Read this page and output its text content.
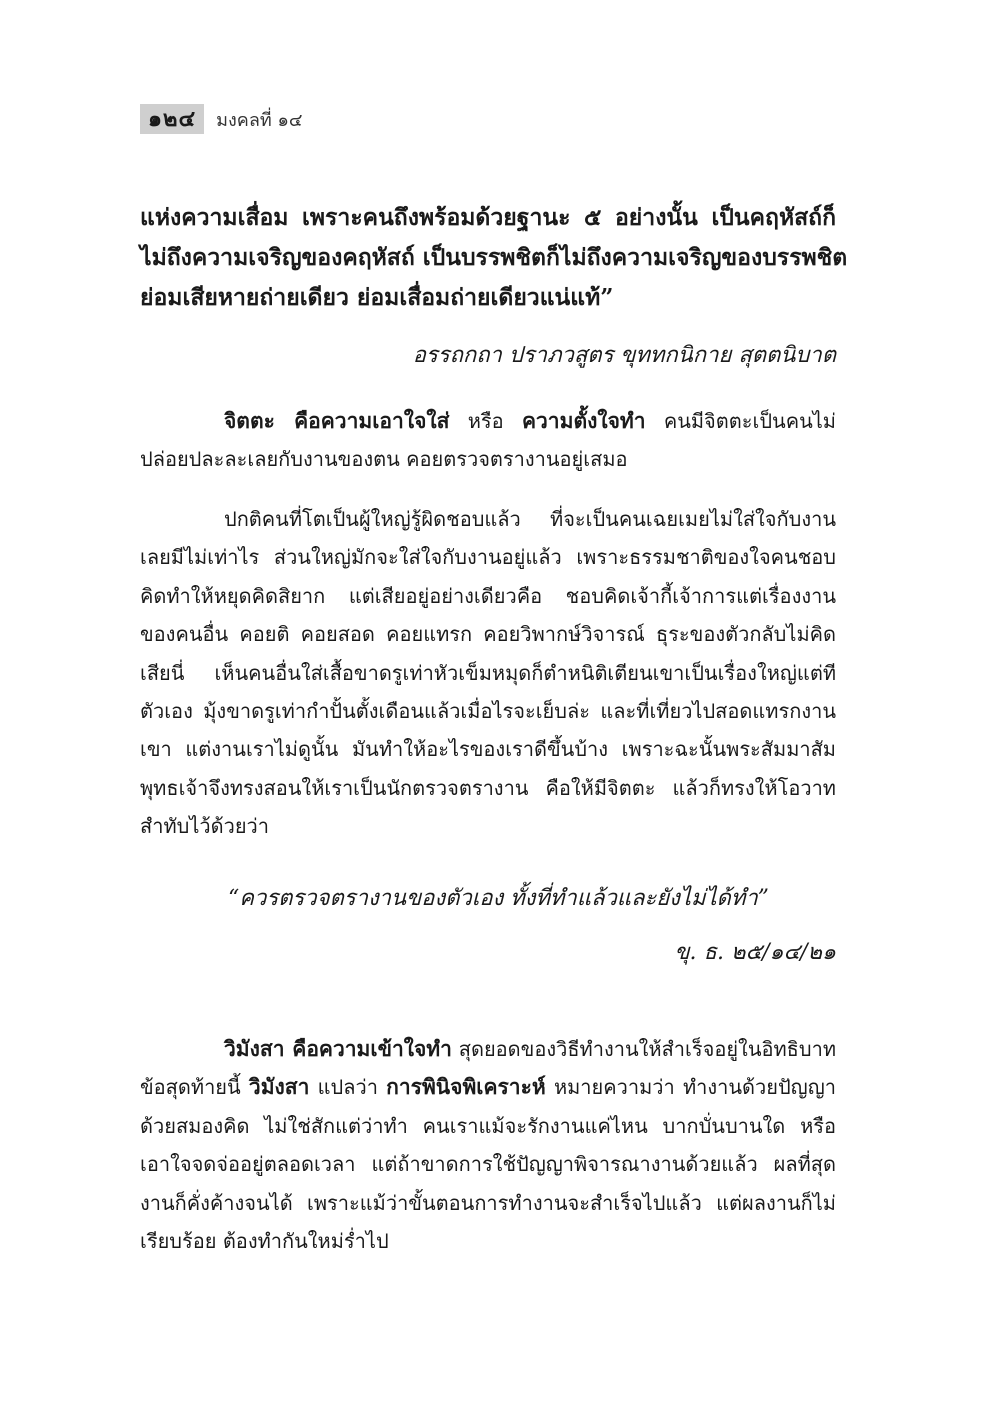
๑๒๔	มงคลที่ ๑๔
แห่งความเสื่อม เพราะคนถึงพร้อมด้วยฐานะ ๕ อย่างนั้น เป็นคฤหัสถ์ก็
ไม่ถึงความเจริญของคฤหัสถ์ เป็นบรรพชิตก็ไม่ถึงความเจริญของบรรพชิต
ย่อมเสียหายถ่ายเดียว ย่อมเสื่อมถ่ายเดียวแน่แท้”
อรรถกถา ปราภวสูตร ขุททกนิกาย สุตตนิบาต

จิตตะ คือความเอาใจใส่ หรือ ความตั้งใจทำ คนมีจิตตะเป็นคนไม่ปล่อยปละละเลยกับงานของตน คอยตรวจตรางานอยู่เสมอ

ปกติคนที่โตเป็นผู้ใหญ่รู้ผิดชอบแล้ว ที่จะเป็นคนเฉยเมยไม่ใส่ใจกับงานเลยมีไม่เท่าไร ส่วนใหญ่มักจะใส่ใจกับงานอยู่แล้ว เพราะธรรมชาติของใจคนชอบคิดทำให้หยุดคิดสิยาก แต่เสียอยู่อย่างเดียวคือ ชอบคิดเจ้ากี้เจ้าการแต่เรื่องงานของคนอื่น คอยติ คอยสอด คอยแทรก คอยวิพากษ์วิจารณ์ ธุระของตัวกลับไม่คิดเสียนี่ เห็นคนอื่นใส่เสื้อขาดรูเท่าหัวเข็มหมุดก็ตำหนิติเตียนเขาเป็นเรื่องใหญ่แต่ทีตัวเอง มุ้งขาดรูเท่ากำปั้นตั้งเดือนแล้วเมื่อไรจะเย็บล่ะ และที่เที่ยวไปสอดแทรกงานเขา แต่งานเราไม่ดูนั้น มันทำให้อะไรของเราดีขึ้นบ้าง เพราะฉะนั้นพระสัมมาสัมพุทธเจ้าจึงทรงสอนให้เราเป็นนักตรวจตรางาน คือให้มีจิตตะ แล้วก็ทรงให้โอวาทสำทับไว้ด้วยว่า

“ควรตรวจตรางานของตัวเอง ทั้งที่ทำแล้วและยังไม่ได้ทำ”
ขุ. ธ. ๒๕/๑๔/๒๑

วิมังสา คือความเข้าใจทำ สุดยอดของวิธีทำงานให้สำเร็จอยู่ในอิทธิบาทข้อสุดท้ายนี้ วิมังสา แปลว่า การพินิจพิเคราะห์ หมายความว่า ทำงานด้วยปัญญา ด้วยสมองคิด ไม่ใช่สักแต่ว่าทำ คนเราแม้จะรักงานแค่ไหน บากบั่นบานใด หรือเอาใจจดจ่ออยู่ตลอดเวลา แต่ถ้าขาดการใช้ปัญญาพิจารณางานด้วยแล้ว ผลที่สุดงานก็คั่งค้างจนได้ เพราะแม้ว่าขั้นตอนการทำงานจะสำเร็จไปแล้ว แต่ผลงานก็ไม่เรียบร้อย ต้องทำกันใหม่ร่ำไป
